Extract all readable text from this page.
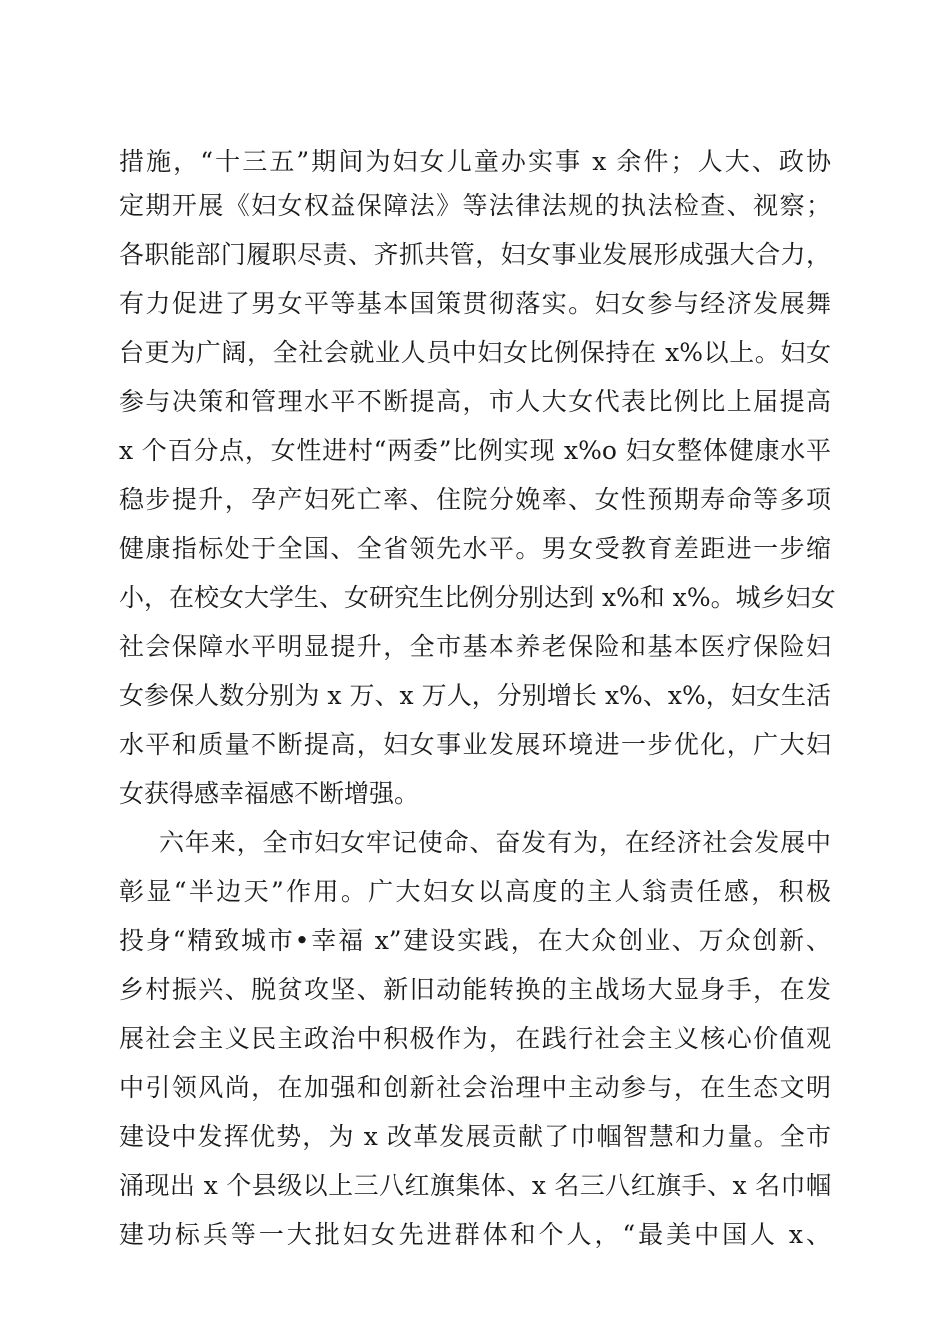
措施，“十三五”期间为妇女儿童办实事 x 余件；人大、政协
定期开展《妇女权益保障法》等法律法规的执法检查、视察；
各职能部门履职尽责、齐抓共管，妇女事业发展形成强大合力，
有力促进了男女平等基本国策贯彻落实。妇女参与经济发展舞
台更为广阔，全社会就业人员中妇女比例保持在 x%以上。妇女
参与决策和管理水平不断提高，市人大女代表比例比上届提高
x 个百分点，女性进村“两委”比例实现 x%o 妇女整体健康水平
稳步提升，孕产妇死亡率、住院分娩率、女性预期寿命等多项
健康指标处于全国、全省领先水平。男女受教育差距进一步缩
小，在校女大学生、女研究生比例分别达到 x%和 x%。城乡妇女
社会保障水平明显提升，全市基本养老保险和基本医疗保险妇
女参保人数分别为 x 万、x 万人，分别增长 x%、x%，妇女生活
水平和质量不断提高，妇女事业发展环境进一步优化，广大妇
女获得感幸福感不断增强。
六年来，全市妇女牢记使命、奋发有为，在经济社会发展中
彰显“半边天”作用。广大妇女以高度的主人翁责任感，积极
投身“精致城市•幸福 x”建设实践，在大众创业、万众创新、
乡村振兴、脱贫攻坚、新旧动能转换的主战场大显身手，在发
展社会主义民主政治中积极作为，在践行社会主义核心价值观
中引领风尚，在加强和创新社会治理中主动参与，在生态文明
建设中发挥优势，为 x 改革发展贡献了巾帼智慧和力量。全市
涌现出 x 个县级以上三八红旗集体、x 名三八红旗手、x 名巾帼
建功标兵等一大批妇女先进群体和个人，“最美中国人 x、
